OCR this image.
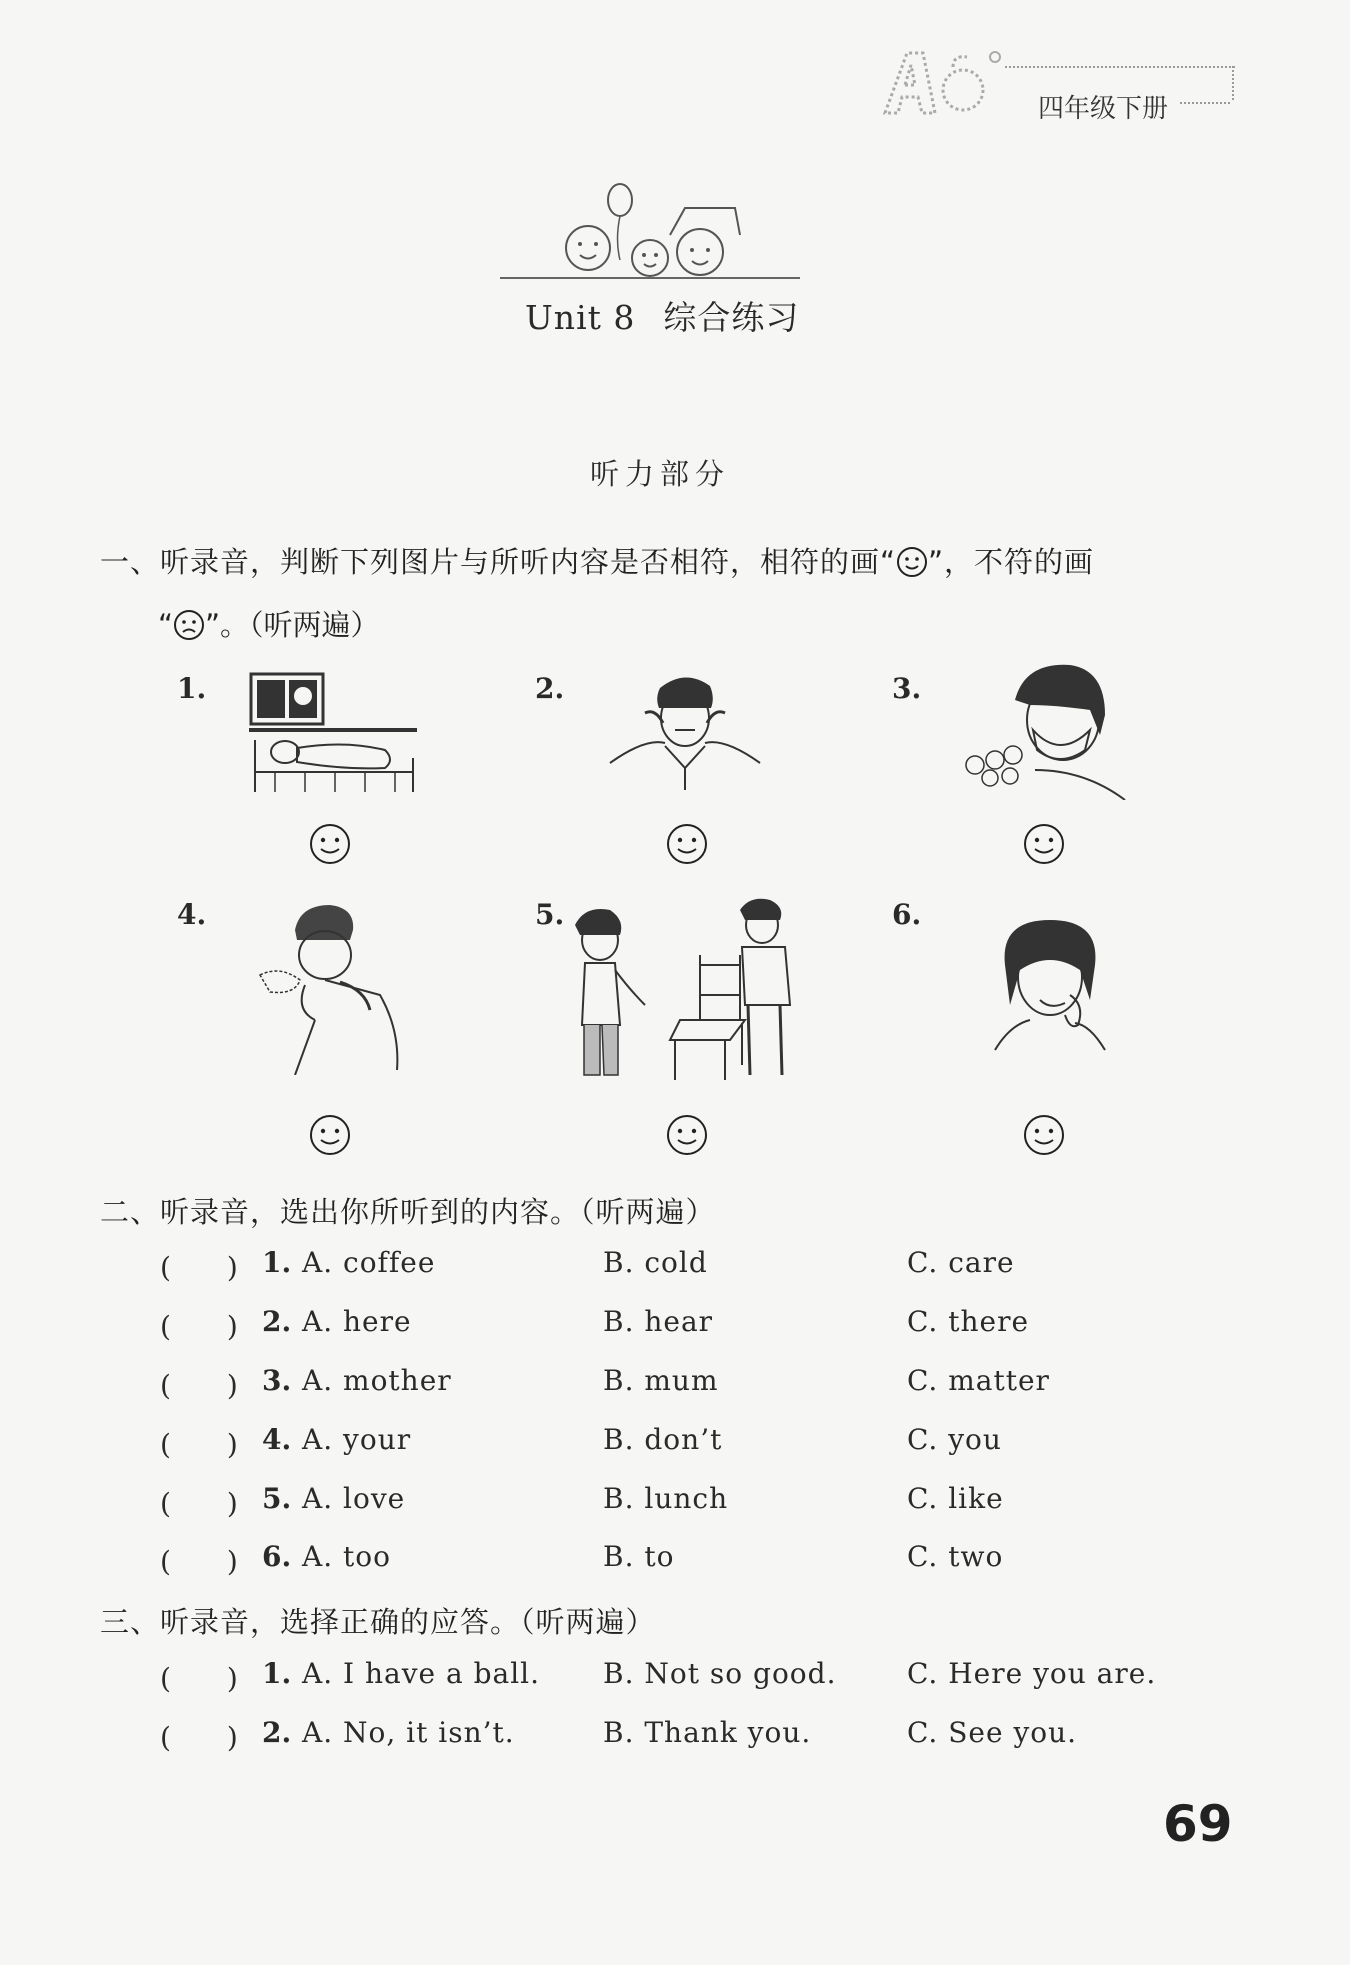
四年级下册
Unit 8 综合练习
听力部分
一、听录音，判断下列图片与所听内容是否相符，相符的画“ ”，不符的画
“ ”。（听两遍）
1.	2.	3.
4.	5.	6.
二、听录音，选出你所听到的内容。（听两遍）
(　　) 1. A. coffee	B. cold	C. care
(　　) 2. A. here	B. hear	C. there
(　　) 3. A. mother	B. mum	C. matter
(　　) 4. A. your	B. don’t	C. you
(　　) 5. A. love	B. lunch	C. like
(　　) 6. A. too	B. to	C. two
三、听录音，选择正确的应答。（听两遍）
(　　) 1. A. I have a ball. B. Not so good.	C. Here you are.
(　　) 2. A. No, it isn’t.	B. Thank you.	C. See you.
69
